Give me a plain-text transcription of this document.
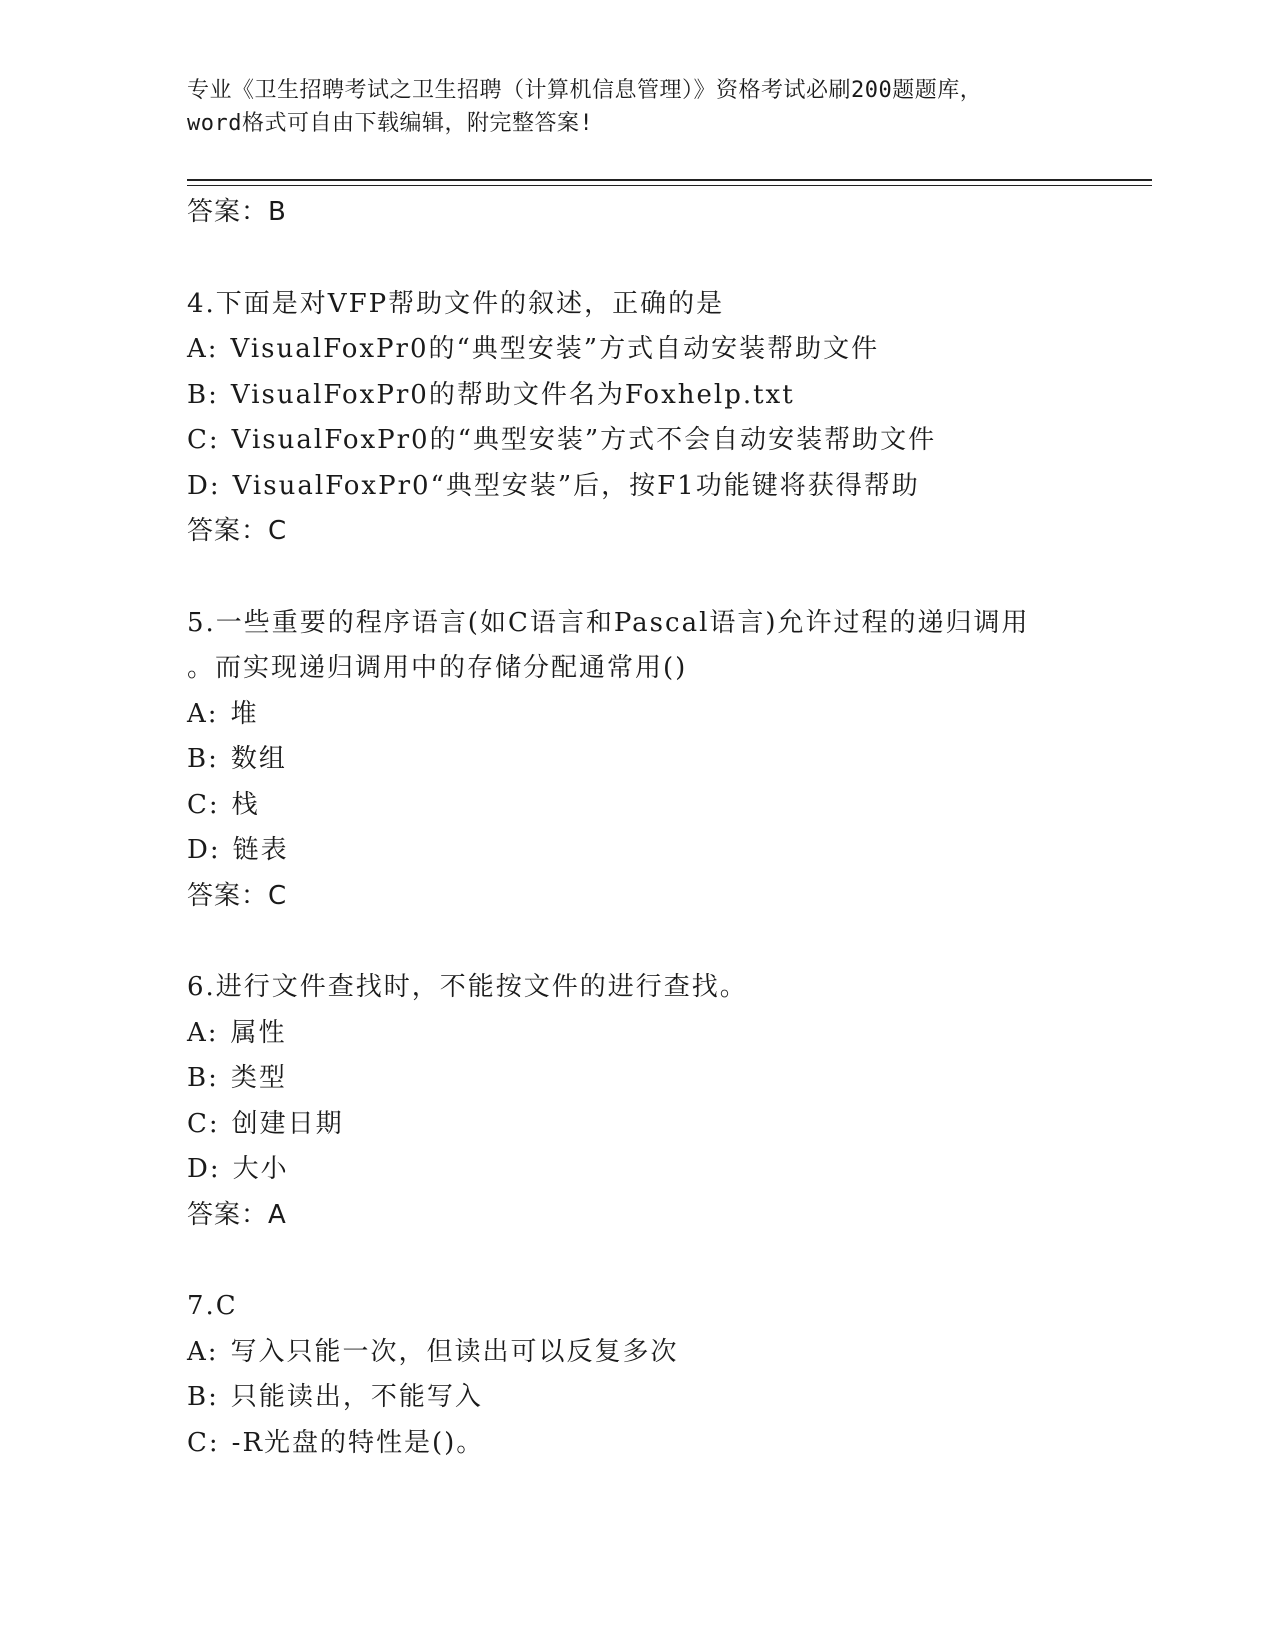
专业《卫生招聘考试之卫生招聘（计算机信息管理）》资格考试必刷200题题库，
word格式可自由下载编辑，附完整答案!
答案：B
4.下面是对VFP帮助文件的叙述，正确的是
A: VisualFoxPr0的“典型安装”方式自动安装帮助文件
B: VisualFoxPr0的帮助文件名为Foxhelp.txt
C: VisualFoxPr0的“典型安装”方式不会自动安装帮助文件
D: VisualFoxPr0“典型安装”后，按F1功能键将获得帮助
答案：C
5.一些重要的程序语言(如C语言和Pascal语言)允许过程的递归调用
。而实现递归调用中的存储分配通常用()
A: 堆
B: 数组
C: 栈
D: 链表
答案：C
6.进行文件查找时，不能按文件的进行查找。
A: 属性
B: 类型
C: 创建日期
D: 大小
答案：A
7.C
A: 写入只能一次，但读出可以反复多次
B: 只能读出，不能写入
C: -R光盘的特性是()。
